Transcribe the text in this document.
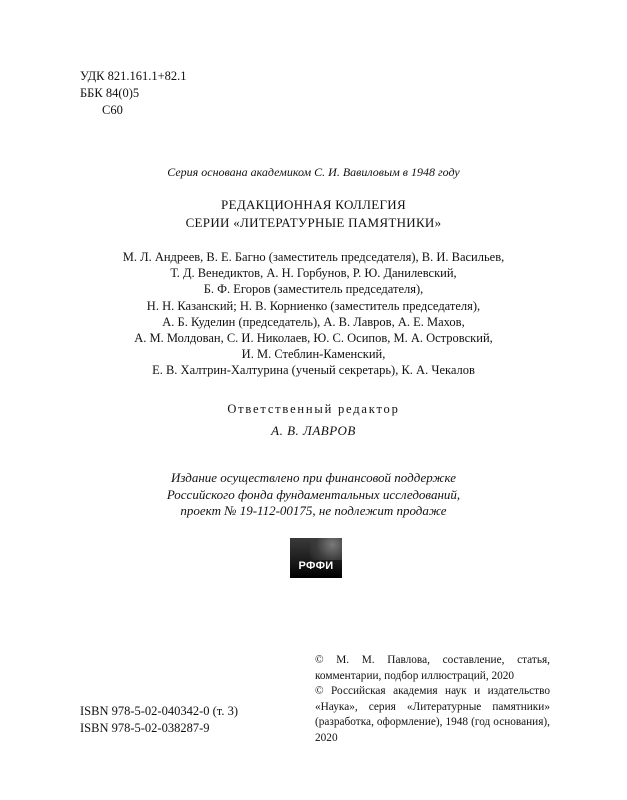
УДК 821.161.1+82.1
ББК 84(0)5
С60
Серия основана академиком С. И. Вавиловым в 1948 году
РЕДАКЦИОННАЯ КОЛЛЕГИЯ
СЕРИИ «ЛИТЕРАТУРНЫЕ ПАМЯТНИКИ»
М. Л. Андреев, В. Е. Багно (заместитель председателя), В. И. Васильев,
Т. Д. Венедиктов, А. Н. Горбунов, Р. Ю. Данилевский,
Б. Ф. Егоров (заместитель председателя),
Н. Н. Казанский; Н. В. Корниенко (заместитель председателя),
А. Б. Куделин (председатель), А. В. Лавров, А. Е. Махов,
А. М. Молдован, С. И. Николаев, Ю. С. Осипов, М. А. Островский,
И. М. Стеблин-Каменский,
Е. В. Халтрин-Халтурина (ученый секретарь), К. А. Чекалов
Ответственный редактор
А. В. ЛАВРОВ
Издание осуществлено при финансовой поддержке
Российского фонда фундаментальных исследований,
проект № 19-112-00175, не подлежит продаже
РФФИ
© М. М. Павлова, составление, статья, комментарии, подбор иллюстраций, 2020
© Российская академия наук и издательство «Наука», серия «Литературные памятники» (разработка, оформление), 1948 (год основания), 2020
ISBN 978-5-02-040342-0 (т. 3)
ISBN 978-5-02-038287-9
